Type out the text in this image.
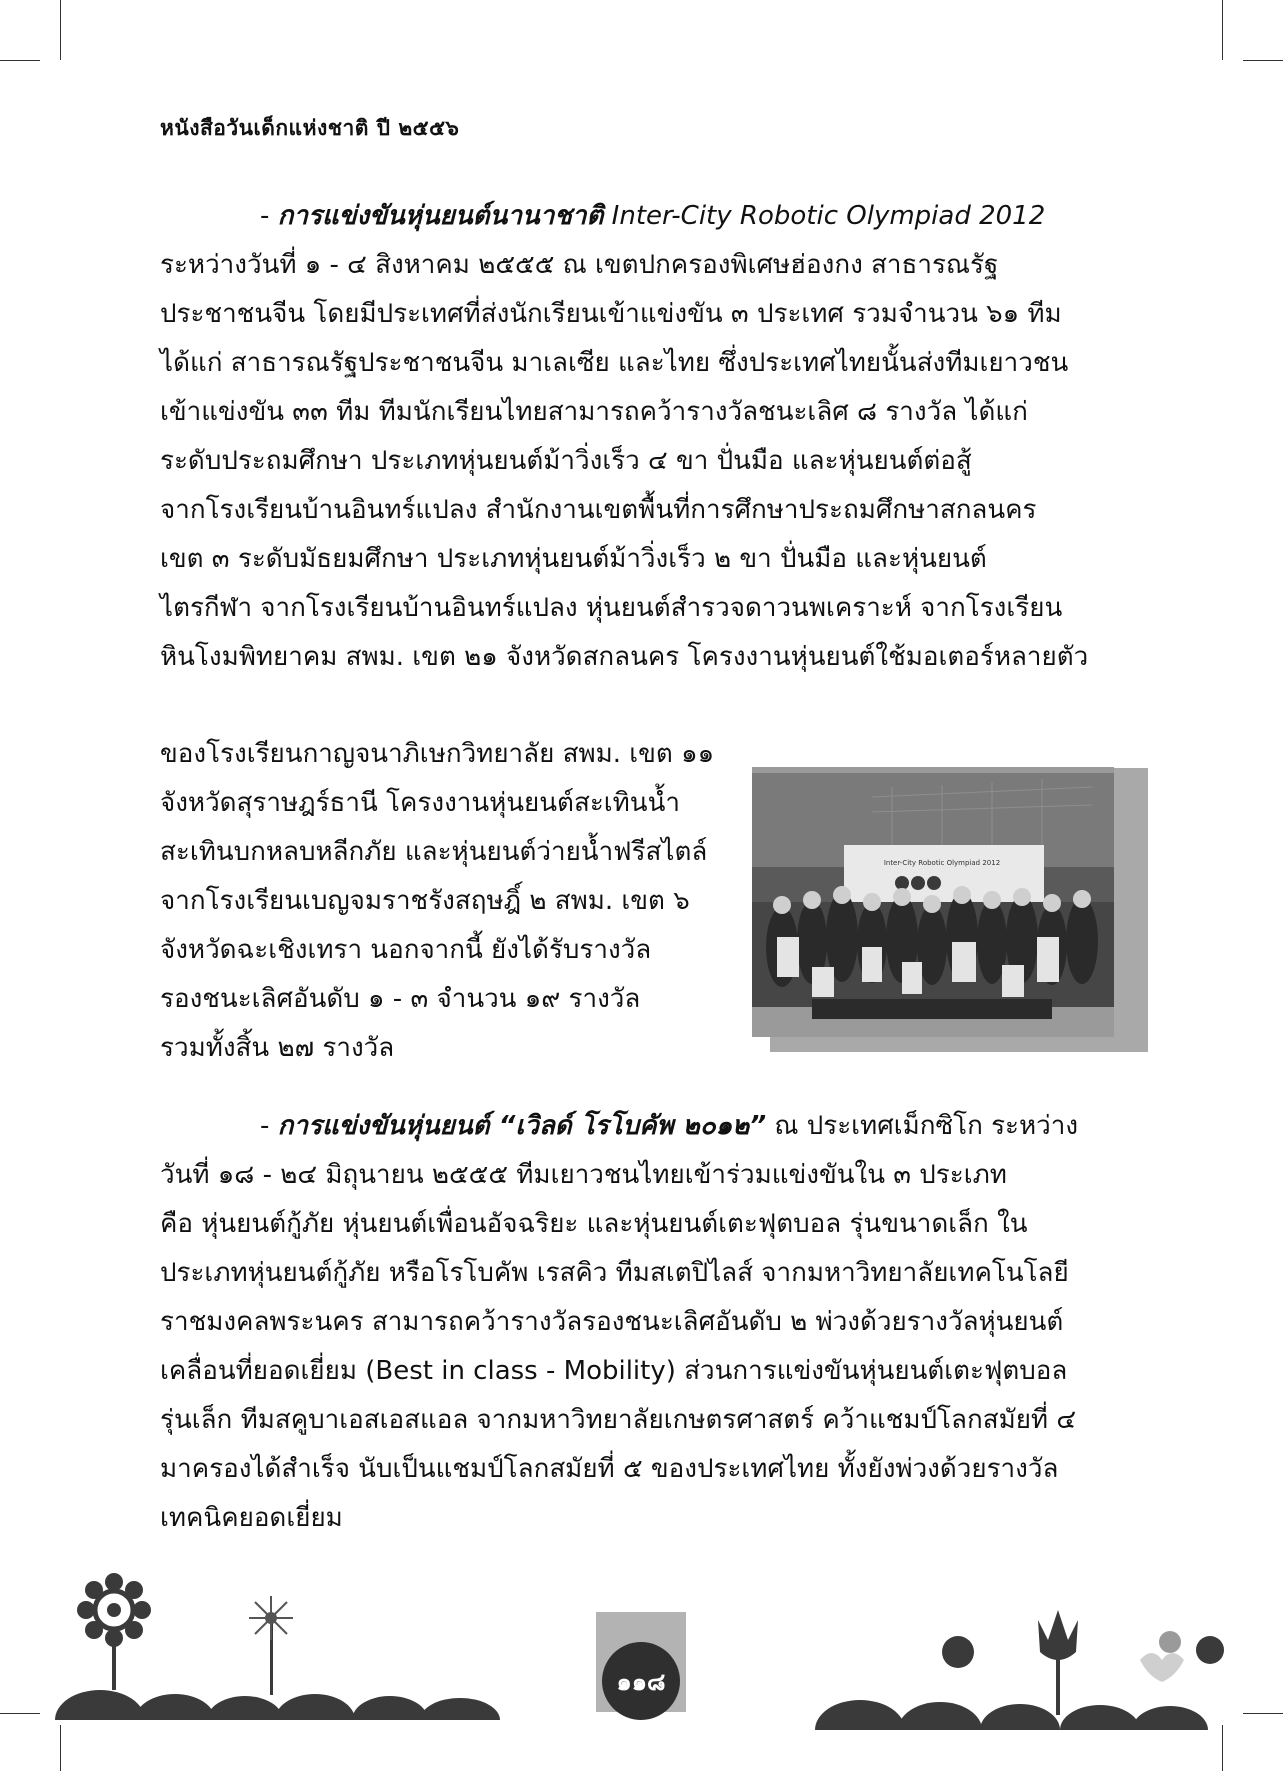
หนังสือวันเด็กแห่งชาติ ปี ๒๕๕๖

- การแข่งขันหุ่นยนต์นานาชาติ Inter-City Robotic Olympiad 2012

ระหว่างวันที่ ๑ - ๔ สิงหาคม ๒๕๕๕ ณ เขตปกครองพิเศษฮ่องกง สาธารณรัฐ

ประชาชนจีน โดยมีประเทศที่ส่งนักเรียนเข้าแข่งขัน ๓ ประเทศ รวมจำนวน ๖๑ ทีม

ได้แก่ สาธารณรัฐประชาชนจีน มาเลเซีย และไทย ซึ่งประเทศไทยนั้นส่งทีมเยาวชน

เข้าแข่งขัน ๓๓ ทีม ทีมนักเรียนไทยสามารถคว้ารางวัลชนะเลิศ ๘ รางวัล ได้แก่

ระดับประถมศึกษา ประเภทหุ่นยนต์ม้าวิ่งเร็ว ๔ ขา ปั่นมือ และหุ่นยนต์ต่อสู้

จากโรงเรียนบ้านอินทร์แปลง สำนักงานเขตพื้นที่การศึกษาประถมศึกษาสกลนคร

เขต ๓ ระดับมัธยมศึกษา ประเภทหุ่นยนต์ม้าวิ่งเร็ว ๒ ขา ปั่นมือ และหุ่นยนต์

ไตรกีฬา จากโรงเรียนบ้านอินทร์แปลง หุ่นยนต์สำรวจดาวนพเคราะห์ จากโรงเรียน

หินโงมพิทยาคม สพม. เขต ๒๑ จังหวัดสกลนคร โครงงานหุ่นยนต์ใช้มอเตอร์หลายตัว

ของโรงเรียนกาญจนาภิเษกวิทยาลัย สพม. เขต ๑๑

จังหวัดสุราษฎร์ธานี โครงงานหุ่นยนต์สะเทินน้ำ

สะเทินบกหลบหลีกภัย และหุ่นยนต์ว่ายน้ำฟรีสไตล์

จากโรงเรียนเบญจมราชรังสฤษฎิ์ ๒ สพม. เขต ๖

จังหวัดฉะเชิงเทรา นอกจากนี้ ยังได้รับรางวัล

รองชนะเลิศอันดับ ๑ - ๓ จำนวน ๑๙ รางวัล

รวมทั้งสิ้น ๒๗ รางวัล

Inter-City Robotic Olympiad 2012

- การแข่งขันหุ่นยนต์ “เวิลด์ โรโบคัพ ๒๐๑๒” ณ ประเทศเม็กซิโก ระหว่าง

วันที่ ๑๘ - ๒๔ มิถุนายน ๒๕๕๕ ทีมเยาวชนไทยเข้าร่วมแข่งขันใน ๓ ประเภท

คือ หุ่นยนต์กู้ภัย หุ่นยนต์เพื่อนอัจฉริยะ และหุ่นยนต์เตะฟุตบอล รุ่นขนาดเล็ก ใน

ประเภทหุ่นยนต์กู้ภัย หรือโรโบคัพ เรสคิว ทีมสเตปิไลส์ จากมหาวิทยาลัยเทคโนโลยี

ราชมงคลพระนคร สามารถคว้ารางวัลรองชนะเลิศอันดับ ๒ พ่วงด้วยรางวัลหุ่นยนต์

เคลื่อนที่ยอดเยี่ยม (Best in class - Mobility) ส่วนการแข่งขันหุ่นยนต์เตะฟุตบอล

รุ่นเล็ก ทีมสคูบาเอสเอสแอล จากมหาวิทยาลัยเกษตรศาสตร์ คว้าแชมป์โลกสมัยที่ ๔

มาครองได้สำเร็จ นับเป็นแชมป์โลกสมัยที่ ๕ ของประเทศไทย ทั้งยังพ่วงด้วยรางวัล

เทคนิคยอดเยี่ยม

๑๑๘
